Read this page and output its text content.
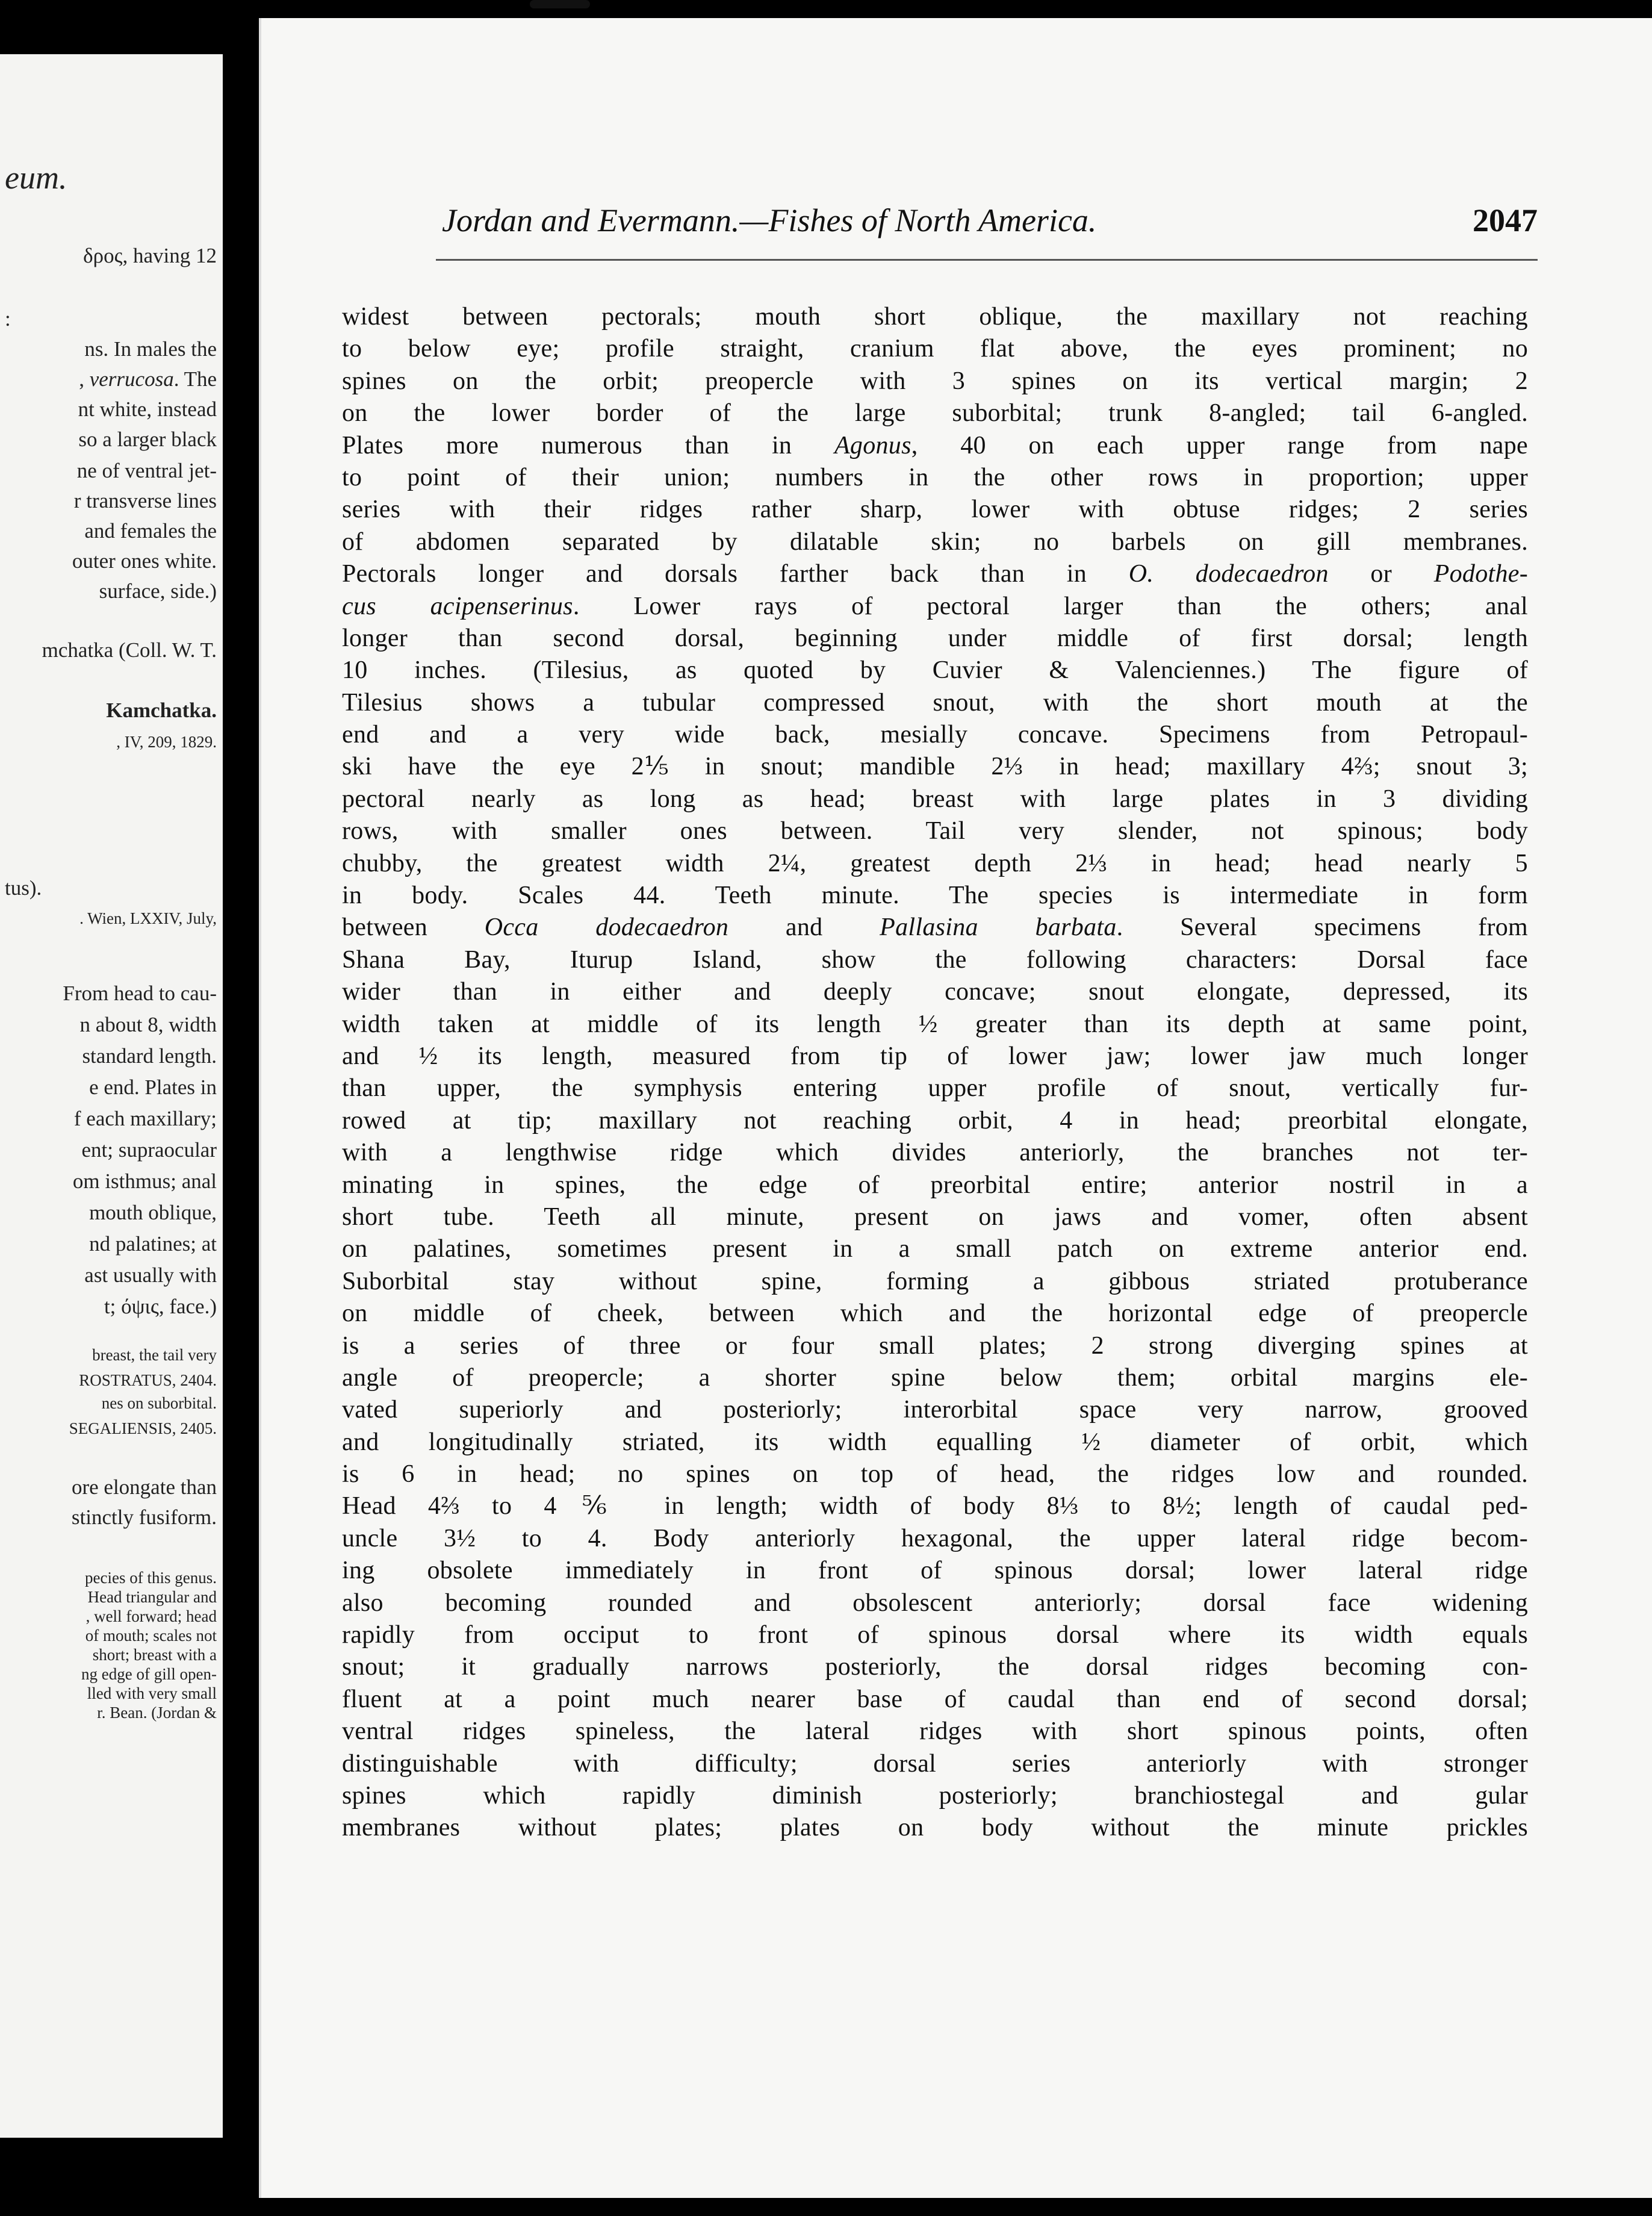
eum.
δρος, having 12
:
ns. In males the
, verrucosa. The
nt white, instead
so a larger black
ne of ventral jet-
r transverse lines
and females the
outer ones white.
surface, side.)
mchatka (Coll. W. T.
Kamchatka.
, IV, 209, 1829.
tus).
. Wien, LXXIV, July,
From head to cau-
n about 8, width
standard length.
e end. Plates in
f each maxillary;
ent; supraocular
om isthmus; anal
mouth oblique,
nd palatines; at
ast usually with
t; όψις, face.)
breast, the tail very
ROSTRATUS, 2404.
nes on suborbital.
SEGALIENSIS, 2405.
ore elongate than
stinctly fusiform.
pecies of this genus.
Head triangular and
, well forward; head
of mouth; scales not
short; breast with a
ng edge of gill open-
lled with very small
r. Bean. (Jordan &
Jordan and Evermann.—Fishes of North America.	2047
widest between pectorals; mouth short oblique, the maxillary not reaching
to below eye; profile straight, cranium flat above, the eyes prominent; no
spines on the orbit; preopercle with 3 spines on its vertical margin; 2
on the lower border of the large suborbital; trunk 8-angled; tail 6-angled.
Plates more numerous than in Agonus, 40 on each upper range from nape
to point of their union; numbers in the other rows in proportion; upper
series with their ridges rather sharp, lower with obtuse ridges; 2 series
of abdomen separated by dilatable skin; no barbels on gill membranes.
Pectorals longer and dorsals farther back than in O. dodecaedron or Podothe-
cus acipenserinus. Lower rays of pectoral larger than the others; anal
longer than second dorsal, beginning under middle of first dorsal; length
10 inches. (Tilesius, as quoted by Cuvier & Valenciennes.) The figure of
Tilesius shows a tubular compressed snout, with the short mouth at the
end and a very wide back, mesially concave. Specimens from Petropaul-
ski have the eye 2⅕ in snout; mandible 2⅓ in head; maxillary 4⅔; snout 3;
pectoral nearly as long as head; breast with large plates in 3 dividing
rows, with smaller ones between. Tail very slender, not spinous; body
chubby, the greatest width 2¼, greatest depth 2⅓ in head; head nearly 5
in body. Scales 44. Teeth minute. The species is intermediate in form
between Occa dodecaedron and Pallasina barbata. Several specimens from
Shana Bay, Iturup Island, show the following characters: Dorsal face
wider than in either and deeply concave; snout elongate, depressed, its
width taken at middle of its length ½ greater than its depth at same point,
and ½ its length, measured from tip of lower jaw; lower jaw much longer
than upper, the symphysis entering upper profile of snout, vertically fur-
rowed at tip; maxillary not reaching orbit, 4 in head; preorbital elongate,
with a lengthwise ridge which divides anteriorly, the branches not ter-
minating in spines, the edge of preorbital entire; anterior nostril in a
short tube. Teeth all minute, present on jaws and vomer, often absent
on palatines, sometimes present in a small patch on extreme anterior end.
Suborbital stay without spine, forming a gibbous striated protuberance
on middle of cheek, between which and the horizontal edge of preopercle
is a series of three or four small plates; 2 strong diverging spines at
angle of preopercle; a shorter spine below them; orbital margins ele-
vated superiorly and posteriorly; interorbital space very narrow, grooved
and longitudinally striated, its width equalling ½ diameter of orbit, which
is 6 in head; no spines on top of head, the ridges low and rounded.
Head 4⅔ to 4⅚ in length; width of body 8⅓ to 8½; length of caudal ped-
uncle 3½ to 4. Body anteriorly hexagonal, the upper lateral ridge becom-
ing obsolete immediately in front of spinous dorsal; lower lateral ridge
also becoming rounded and obsolescent anteriorly; dorsal face widening
rapidly from occiput to front of spinous dorsal where its width equals
snout; it gradually narrows posteriorly, the dorsal ridges becoming con-
fluent at a point much nearer base of caudal than end of second dorsal;
ventral ridges spineless, the lateral ridges with short spinous points, often
distinguishable with difficulty; dorsal series anteriorly with stronger
spines which rapidly diminish posteriorly; branchiostegal and gular
membranes without plates; plates on body without the minute prickles
